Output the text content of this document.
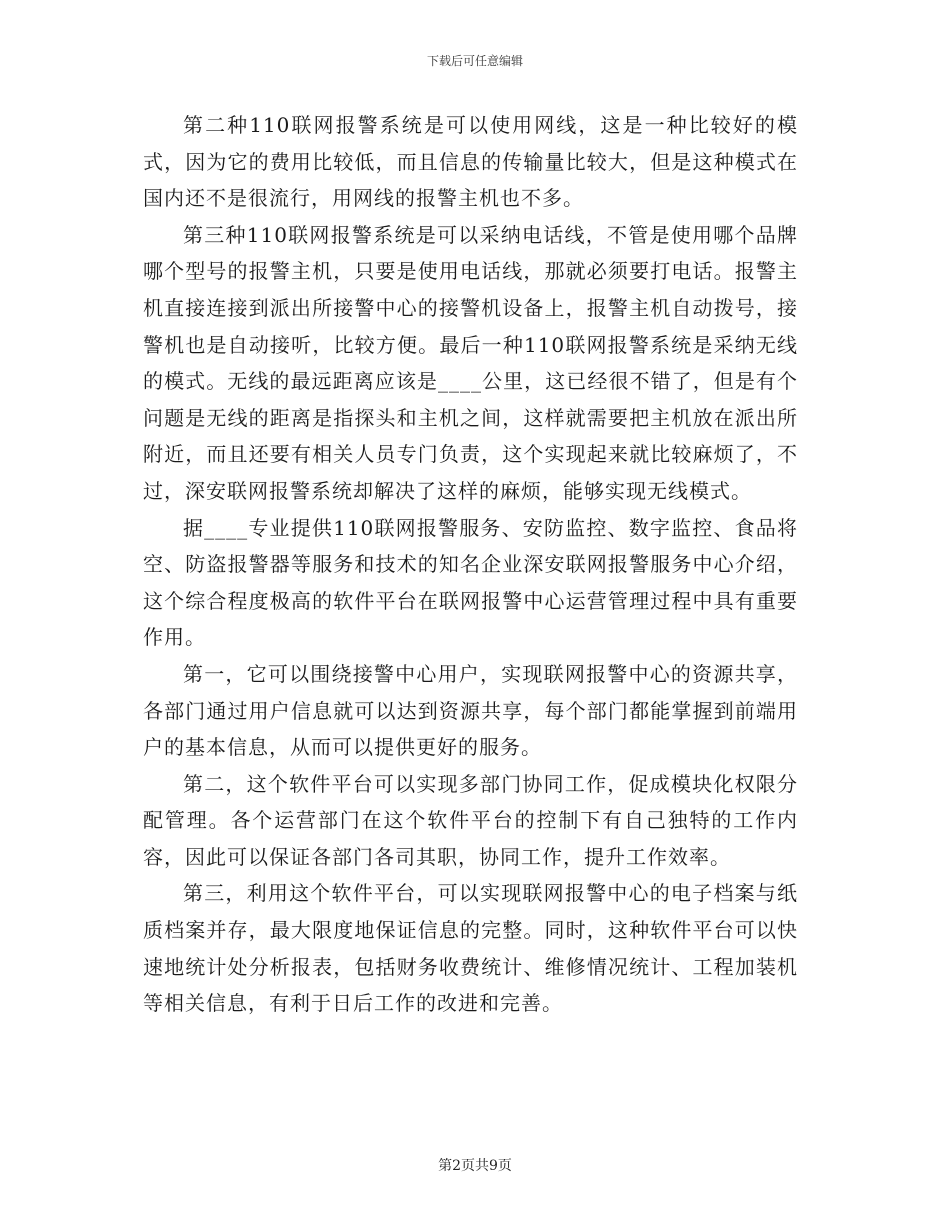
下载后可任意编辑

第二种110联网报警系统是可以使用网线，这是一种比较好的模式，因为它的费用比较低，而且信息的传输量比较大，但是这种模式在国内还不是很流行，用网线的报警主机也不多。

第三种110联网报警系统是可以采纳电话线，不管是使用哪个品牌哪个型号的报警主机，只要是使用电话线，那就必须要打电话。报警主机直接连接到派出所接警中心的接警机设备上，报警主机自动拨号，接警机也是自动接听，比较方便。最后一种110联网报警系统是采纳无线的模式。无线的最远距离应该是____公里，这已经很不错了，但是有个问题是无线的距离是指探头和主机之间，这样就需要把主机放在派出所附近，而且还要有相关人员专门负责，这个实现起来就比较麻烦了，不过，深安联网报警系统却解决了这样的麻烦，能够实现无线模式。

据____专业提供110联网报警服务、安防监控、数字监控、食品将空、防盗报警器等服务和技术的知名企业深安联网报警服务中心介绍，这个综合程度极高的软件平台在联网报警中心运营管理过程中具有重要作用。

第一，它可以围绕接警中心用户，实现联网报警中心的资源共享，各部门通过用户信息就可以达到资源共享，每个部门都能掌握到前端用户的基本信息，从而可以提供更好的服务。

第二，这个软件平台可以实现多部门协同工作，促成模块化权限分配管理。各个运营部门在这个软件平台的控制下有自己独特的工作内容，因此可以保证各部门各司其职，协同工作，提升工作效率。

第三，利用这个软件平台，可以实现联网报警中心的电子档案与纸质档案并存，最大限度地保证信息的完整。同时，这种软件平台可以快速地统计处分析报表，包括财务收费统计、维修情况统计、工程加装机等相关信息，有利于日后工作的改进和完善。

第2页共9页
